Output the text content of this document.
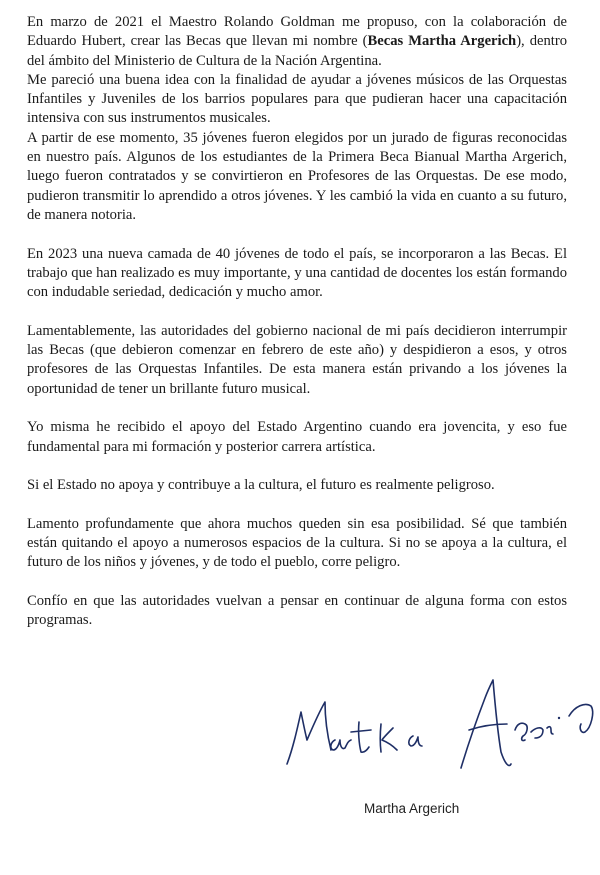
En marzo de 2021 el Maestro Rolando Goldman me propuso, con la colaboración de Eduardo Hubert, crear las Becas que llevan mi nombre (Becas Martha Argerich), dentro del ámbito del Ministerio de Cultura de la Nación Argentina.

Me pareció una buena idea con la finalidad de ayudar a jóvenes músicos de las Orquestas Infantiles y Juveniles de los barrios populares para que pudieran hacer una capacitación intensiva con sus instrumentos musicales.

A partir de ese momento, 35 jóvenes fueron elegidos por un jurado de figuras reconocidas en nuestro país. Algunos de los estudiantes de la Primera Beca Bianual Martha Argerich, luego fueron contratados y se convirtieron en Profesores de las Orquestas. De ese modo, pudieron transmitir lo aprendido a otros jóvenes. Y les cambió la vida en cuanto a su futuro, de manera notoria.

En 2023 una nueva camada de 40 jóvenes de todo el país, se incorporaron a las Becas. El trabajo que han realizado es muy importante, y una cantidad de docentes los están formando con indudable seriedad, dedicación y mucho amor.

Lamentablemente, las autoridades del gobierno nacional de mi país decidieron interrumpir las Becas (que debieron comenzar en febrero de este año) y despidieron a esos, y otros profesores de las Orquestas Infantiles. De esta manera están privando a los jóvenes la oportunidad de tener un brillante futuro musical.

Yo misma he recibido el apoyo del Estado Argentino cuando era jovencita, y eso fue fundamental para mi formación y posterior carrera artística.

Si el Estado no apoya y contribuye a la cultura, el futuro es realmente peligroso.

Lamento profundamente que ahora muchos queden sin esa posibilidad. Sé que también están quitando el apoyo a numerosos espacios de la cultura. Si no se apoya a la cultura, el futuro de los niños y jóvenes, y de todo el pueblo, corre peligro.

Confío en que las autoridades vuelvan a pensar en continuar de alguna forma con estos programas.

Martha Argerich
